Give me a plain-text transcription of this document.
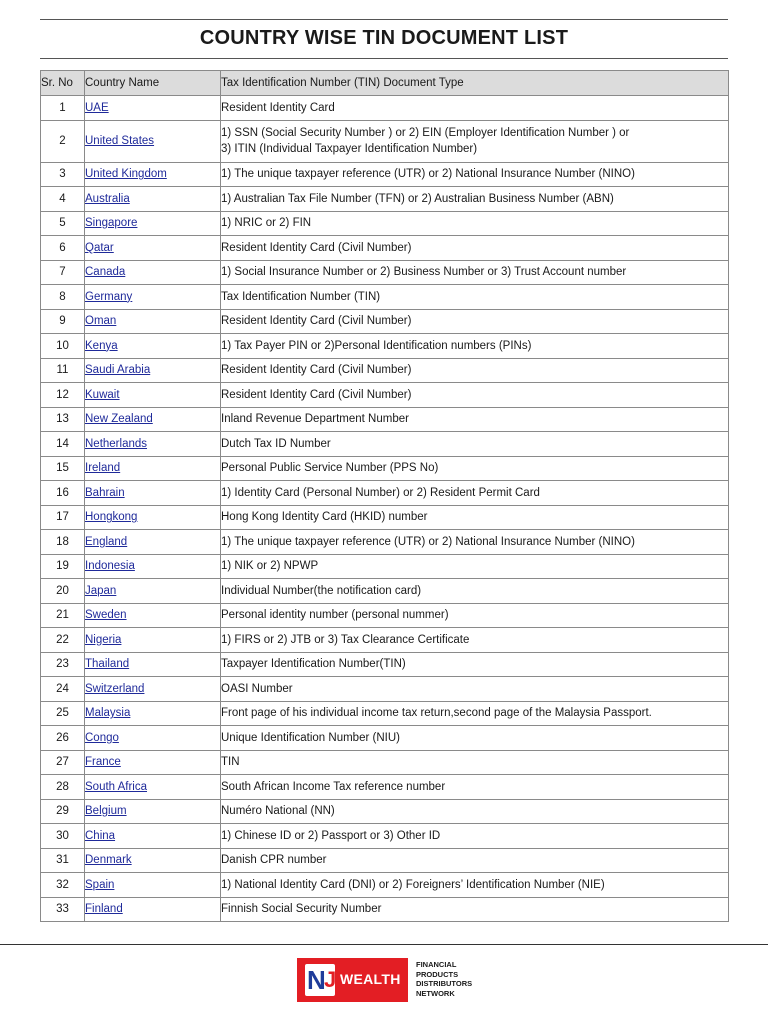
COUNTRY WISE TIN DOCUMENT LIST
Sr. No	Country Name	Tax Identification Number (TIN) Document Type
1	UAE	Resident Identity Card

2	United States	1) SSN (Social Security Number ) or 2) EIN (Employer Identification Number ) or
3) ITIN (Individual Taxpayer Identification Number)

3	United Kingdom	1) The unique taxpayer reference (UTR) or 2) National Insurance Number (NINO)

4	Australia	1) Australian Tax File Number (TFN) or 2) Australian Business Number (ABN)

5	Singapore	1) NRIC or 2) FIN

6	Qatar	Resident Identity Card (Civil Number)

7	Canada	1) Social Insurance Number or 2) Business Number or 3) Trust Account number

8	Germany	Tax Identification Number (TIN)

9	Oman	Resident Identity Card (Civil Number)

10	Kenya	1) Tax Payer PIN or 2)Personal Identification numbers (PINs)

11	Saudi Arabia	Resident Identity Card (Civil Number)

12	Kuwait	Resident Identity Card (Civil Number)

13	New Zealand	Inland Revenue Department Number

14	Netherlands	Dutch Tax ID Number

15	Ireland	Personal Public Service Number (PPS No)

16	Bahrain	1) Identity Card (Personal Number) or 2) Resident Permit Card

17	Hongkong	Hong Kong Identity Card (HKID) number

18	England	1) The unique taxpayer reference (UTR) or 2) National Insurance Number (NINO)

19	Indonesia	1) NIK or 2) NPWP

20	Japan	Individual Number(the notification card)

21	Sweden	Personal identity number (personal nummer)

22	Nigeria	1) FIRS or 2) JTB or 3) Tax Clearance Certificate

23	Thailand	Taxpayer Identification Number(TIN)

24	Switzerland	OASI Number

25	Malaysia	Front page of his individual income tax return,second page of the Malaysia Passport.

26	Congo	Unique Identification Number (NIU)

27	France	TIN

28	South Africa	South African Income Tax reference number

29	Belgium	Numéro National (NN)

30	China	1) Chinese ID or 2) Passport or 3) Other ID

31	Denmark	Danish CPR number

32	Spain	1) National Identity Card (DNI) or 2) Foreigners’ Identification Number (NIE)

33	Finland	Finnish Social Security Number
N
J WEALTH
FINANCIAL
PRODUCTS
DISTRIBUTORS
NETWORK
